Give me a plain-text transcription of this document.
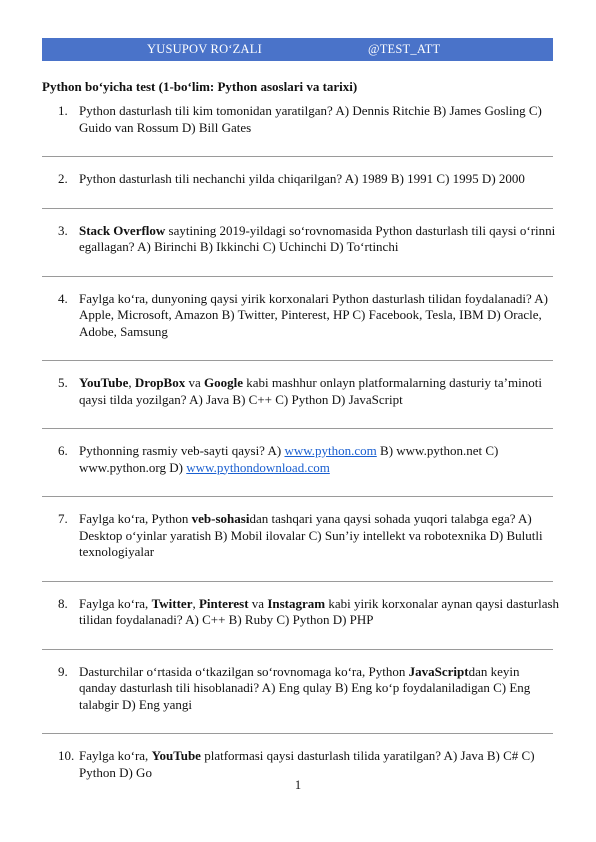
YUSUPOV RO‘ZALI	@TEST_ATT
Python bo‘yicha test (1-bo‘lim: Python asoslari va tarixi)
1. Python dasturlash tili kim tomonidan yaratilgan? A) Dennis Ritchie B) James Gosling C) Guido van Rossum D) Bill Gates
2. Python dasturlash tili nechanchi yilda chiqarilgan? A) 1989 B) 1991 C) 1995 D) 2000
3. Stack Overflow saytining 2019-yildagi so‘rovnomasida Python dasturlash tili qaysi o‘rinni egallagan? A) Birinchi B) Ikkinchi C) Uchinchi D) To‘rtinchi
4. Faylga ko‘ra, dunyoning qaysi yirik korxonalari Python dasturlash tilidan foydalanadi? A) Apple, Microsoft, Amazon B) Twitter, Pinterest, HP C) Facebook, Tesla, IBM D) Oracle, Adobe, Samsung
5. YouTube, DropBox va Google kabi mashhur onlayn platformalarning dasturiy ta’minoti qaysi tilda yozilgan? A) Java B) C++ C) Python D) JavaScript
6. Pythonning rasmiy veb-sayti qaysi? A) www.python.com B) www.python.net C) www.python.org D) www.pythondownload.com
7. Faylga ko‘ra, Python veb-sohasidan tashqari yana qaysi sohada yuqori talabga ega? A) Desktop o‘yinlar yaratish B) Mobil ilovalar C) Sun’iy intellekt va robotexnika D) Bulutli texnologiyalar
8. Faylga ko‘ra, Twitter, Pinterest va Instagram kabi yirik korxonalar aynan qaysi dasturlash tilidan foydalanadi? A) C++ B) Ruby C) Python D) PHP
9. Dasturchilar o‘rtasida o‘tkazilgan so‘rovnomaga ko‘ra, Python JavaScriptdan keyin qanday dasturlash tili hisoblanadi? A) Eng qulay B) Eng ko‘p foydalaniladigan C) Eng talabgir D) Eng yangi
10. Faylga ko‘ra, YouTube platformasi qaysi dasturlash tilida yaratilgan? A) Java B) C# C) Python D) Go
1
